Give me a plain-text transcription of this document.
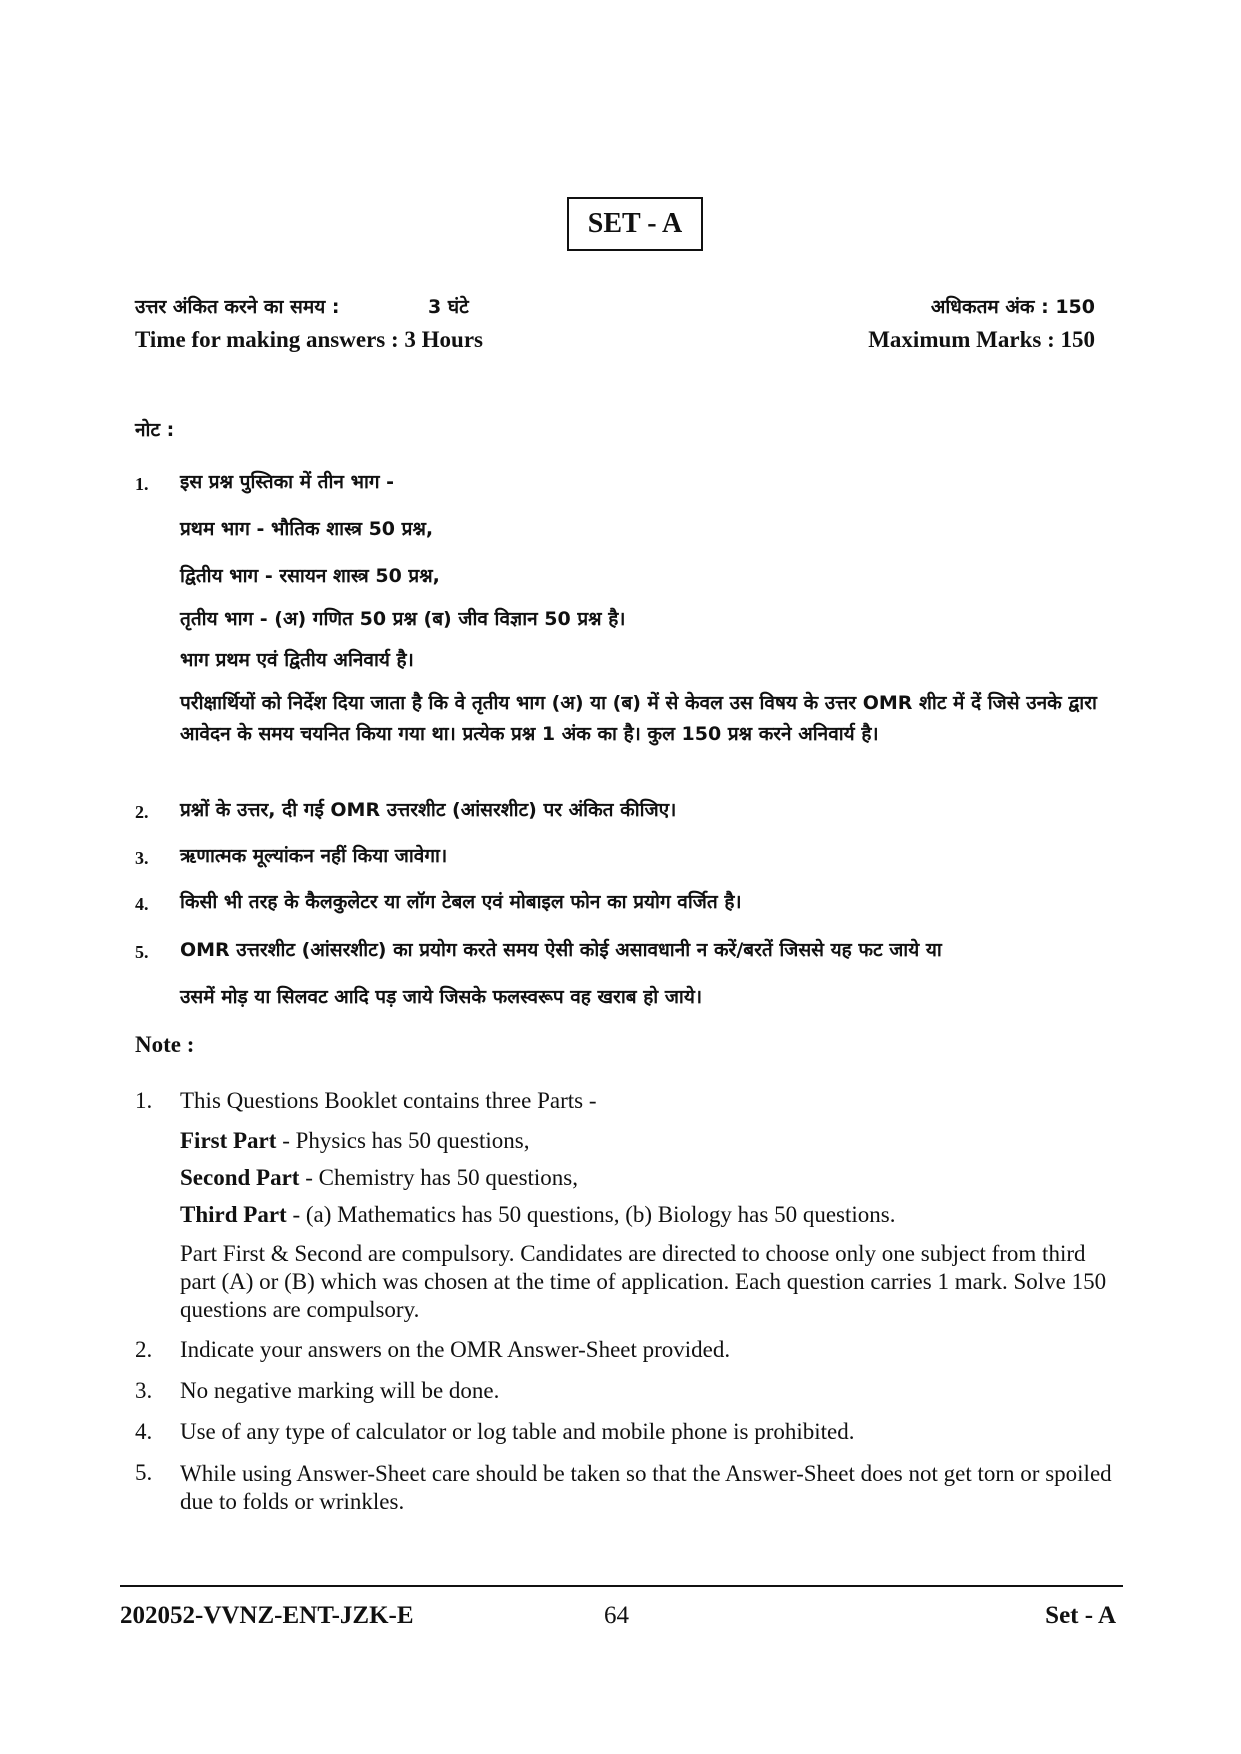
SET - A
उत्तर अंकित करने का समय :	3 घंटे	अधिकतम अंक : 150
Time for making answers : 3 Hours	Maximum Marks : 150
नोट :
1.	इस प्रश्न पुस्तिका में तीन भाग -
प्रथम भाग - भौतिक शास्त्र 50 प्रश्न,
द्वितीय भाग - रसायन शास्त्र 50 प्रश्न,
तृतीय भाग - (अ) गणित 50 प्रश्न (ब) जीव विज्ञान 50 प्रश्न है।
भाग प्रथम एवं द्वितीय अनिवार्य है।
परीक्षार्थियों को निर्देश दिया जाता है कि वे तृतीय भाग (अ) या (ब) में से केवल उस विषय के उत्तर OMR शीट में दें जिसे उनके द्वारा आवेदन के समय चयनित किया गया था। प्रत्येक प्रश्न 1 अंक का है। कुल 150 प्रश्न करने अनिवार्य है।
2.	प्रश्नों के उत्तर, दी गई OMR उत्तरशीट (आंसरशीट) पर अंकित कीजिए।
3.	ऋणात्मक मूल्यांकन नहीं किया जावेगा।
4.	किसी भी तरह के कैलकुलेटर या लॉग टेबल एवं मोबाइल फोन का प्रयोग वर्जित है।
5.	OMR उत्तरशीट (आंसरशीट) का प्रयोग करते समय ऐसी कोई असावधानी न करें/बरतें जिससे यह फट जाये या
उसमें मोड़ या सिलवट आदि पड़ जाये जिसके फलस्वरूप वह खराब हो जाये।
Note :
1.	This Questions Booklet contains three Parts -
First Part - Physics has 50 questions,
Second Part - Chemistry has 50 questions,
Third Part - (a) Mathematics has 50 questions, (b) Biology has 50 questions.
Part First & Second are compulsory. Candidates are directed to choose only one subject from third part (A) or (B) which was chosen at the time of application. Each question carries 1 mark. Solve 150 questions are compulsory.
2.	Indicate your answers on the OMR Answer-Sheet provided.
3.	No negative marking will be done.
4.	Use of any type of calculator or log table and mobile phone is prohibited.
5.	While using Answer-Sheet care should be taken so that the Answer-Sheet does not get torn or spoiled due to folds or wrinkles.
202052-VVNZ-ENT-JZK-E	64	Set - A
